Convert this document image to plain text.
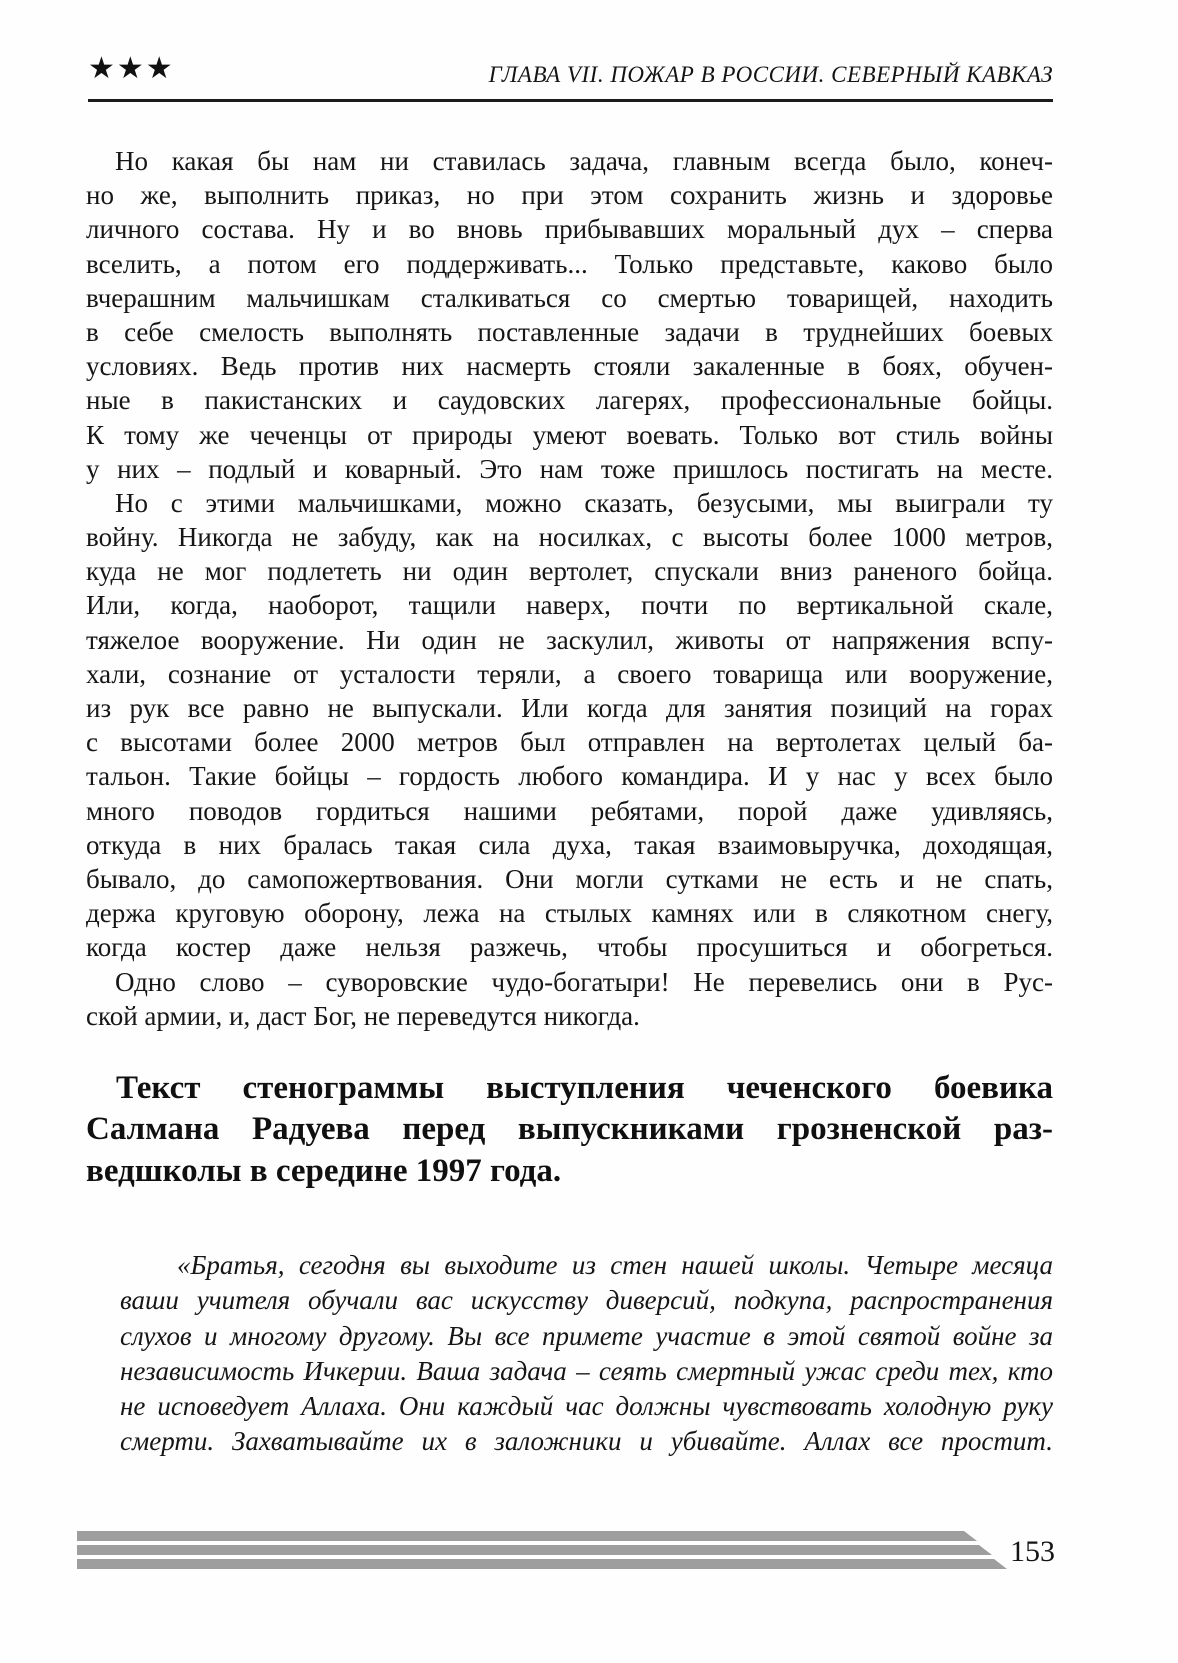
★★★	ГЛАВА VII. ПОЖАР В РОССИИ. СЕВЕРНЫЙ КАВКАЗ
Но какая бы нам ни ставилась задача, главным всегда было, конеч-
но же, выполнить приказ, но при этом сохранить жизнь и здоровье
личного состава. Ну и во вновь прибывавших моральный дух – сперва
вселить, а потом его поддерживать... Только представьте, каково было
вчерашним мальчишкам сталкиваться со смертью товарищей, находить
в себе смелость выполнять поставленные задачи в труднейших боевых
условиях. Ведь против них насмерть стояли закаленные в боях, обучен-
ные в пакистанских и саудовских лагерях, профессиональные бойцы.
К тому же чеченцы от природы умеют воевать. Только вот стиль войны
у них – подлый и коварный. Это нам тоже пришлось постигать на месте.
Но с этими мальчишками, можно сказать, безусыми, мы выиграли ту
войну. Никогда не забуду, как на носилках, с высоты более 1000 метров,
куда не мог подлететь ни один вертолет, спускали вниз раненого бойца.
Или, когда, наоборот, тащили наверх, почти по вертикальной скале,
тяжелое вооружение. Ни один не заскулил, животы от напряжения вспу-
хали, сознание от усталости теряли, а своего товарища или вооружение,
из рук все равно не выпускали. Или когда для занятия позиций на горах
с высотами более 2000 метров был отправлен на вертолетах целый ба-
тальон. Такие бойцы – гордость любого командира. И у нас у всех было
много поводов гордиться нашими ребятами, порой даже удивляясь,
откуда в них бралась такая сила духа, такая взаимовыручка, доходящая,
бывало, до самопожертвования. Они могли сутками не есть и не спать,
держа круговую оборону, лежа на стылых камнях или в слякотном снегу,
когда костер даже нельзя разжечь, чтобы просушиться и обогреться.
Одно слово – суворовские чудо-богатыри! Не перевелись они в Рус-
ской армии, и, даст Бог, не переведутся никогда.
Текст стенограммы выступления чеченского боевика
Салмана Радуева перед выпускниками грозненской раз-
ведшколы в середине 1997 года.
«Братья, сегодня вы выходите из стен нашей школы. Четыре месяца
ваши учителя обучали вас искусству диверсий, подкупа, распространения
слухов и многому другому. Вы все примете участие в этой святой войне за
независимость Ичкерии. Ваша задача – сеять смертный ужас среди тех, кто
не исповедует Аллаха. Они каждый час должны чувствовать холодную руку
смерти. Захватывайте их в заложники и убивайте. Аллах все простит.
153
